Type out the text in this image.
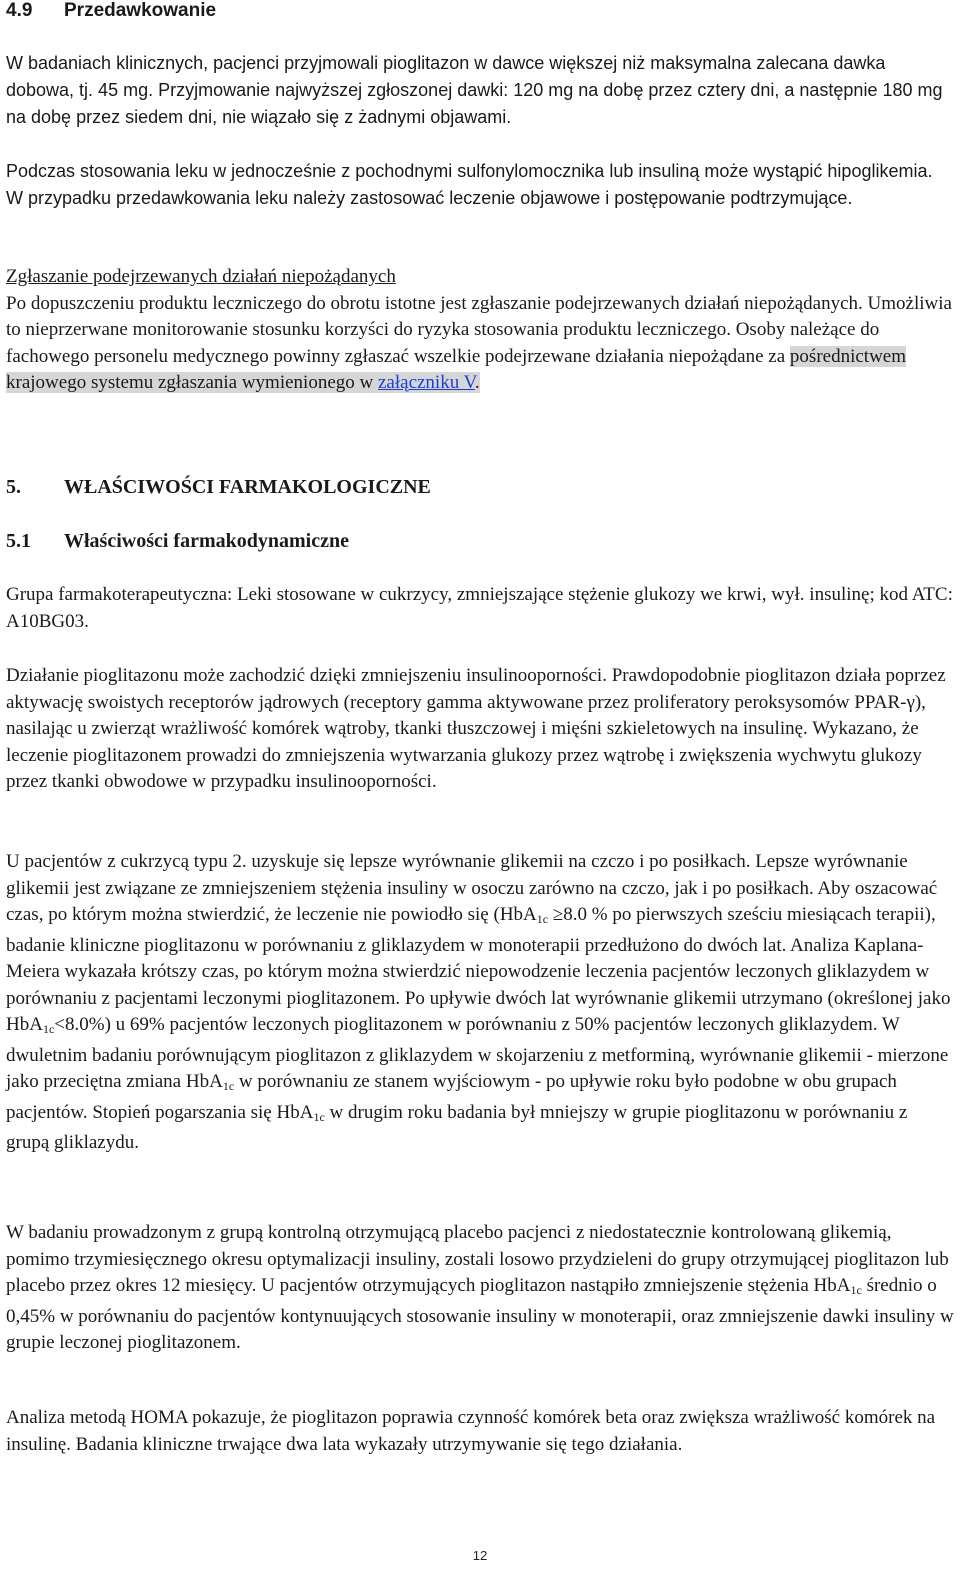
4.9 Przedawkowanie

W badaniach klinicznych, pacjenci przyjmowali pioglitazon w dawce większej niż maksymalna zalecana dawka dobowa, tj. 45 mg. Przyjmowanie najwyższej zgłoszonej dawki: 120 mg na dobę przez cztery dni, a następnie 180 mg na dobę przez siedem dni, nie wiązało się z żadnymi objawami.

Podczas stosowania leku w jednocześnie z pochodnymi sulfonylomocznika lub insuliną może wystąpić hipoglikemia. W przypadku przedawkowania leku należy zastosować leczenie objawowe i postępowanie podtrzymujące.

Zgłaszanie podejrzewanych działań niepożądanych

Po dopuszczeniu produktu leczniczego do obrotu istotne jest zgłaszanie podejrzewanych działań niepożądanych. Umożliwia to nieprzerwane monitorowanie stosunku korzyści do ryzyka stosowania produktu leczniczego. Osoby należące do fachowego personelu medycznego powinny zgłaszać wszelkie podejrzewane działania niepożądane za pośrednictwem krajowego systemu zgłaszania wymienionego w załączniku V.

5. WŁAŚCIWOŚCI FARMAKOLOGICZNE
5.1 Właściwości farmakodynamiczne

Grupa farmakoterapeutyczna: Leki stosowane w cukrzycy, zmniejszające stężenie glukozy we krwi, wył. insulinę; kod ATC: A10BG03.

Działanie pioglitazonu może zachodzić dzięki zmniejszeniu insulinooporności. Prawdopodobnie pioglitazon działa poprzez aktywację swoistych receptorów jądrowych (receptory gamma aktywowane przez proliferatory peroksysomów PPAR-γ), nasilając u zwierząt wrażliwość komórek wątroby, tkanki tłuszczowej i mięśni szkieletowych na insulinę. Wykazano, że leczenie pioglitazonem prowadzi do zmniejszenia wytwarzania glukozy przez wątrobę i zwiększenia wychwytu glukozy przez tkanki obwodowe w przypadku insulinooporności.

U pacjentów z cukrzycą typu 2. uzyskuje się lepsze wyrównanie glikemii na czczo i po posiłkach. Lepsze wyrównanie glikemii jest związane ze zmniejszeniem stężenia insuliny w osoczu zarówno na czczo, jak i po posiłkach. Aby oszacować czas, po którym można stwierdzić, że leczenie nie powiodło się (HbA$_{1c}$ ≥8.0 % po pierwszych sześciu miesiącach terapii), badanie kliniczne pioglitazonu w porównaniu z gliklazydem w monoterapii przedłużono do dwóch lat. Analiza Kaplana-Meiera wykazała krótszy czas, po którym można stwierdzić niepowodzenie leczenia pacjentów leczonych gliklazydem w porównaniu z pacjentami leczonymi pioglitazonem. Po upływie dwóch lat wyrównanie glikemii utrzymano (określonej jako HbA$_{1c}$<8.0%) u 69% pacjentów leczonych pioglitazonem w porównaniu z 50% pacjentów leczonych gliklazydem. W dwuletnim badaniu porównującym pioglitazon z gliklazydem w skojarzeniu z metforminą, wyrównanie glikemii - mierzone jako przeciętna zmiana HbA$_{1c}$ w porównaniu ze stanem wyjściowym - po upływie roku było podobne w obu grupach pacjentów. Stopień pogarszania się HbA$_{1c}$ w drugim roku badania był mniejszy w grupie pioglitazonu w porównaniu z grupą gliklazydu.

W badaniu prowadzonym z grupą kontrolną otrzymującą placebo pacjenci z niedostatecznie kontrolowaną glikemią, pomimo trzymiesięcznego okresu optymalizacji insuliny, zostali losowo przydzieleni do grupy otrzymującej pioglitazon lub placebo przez okres 12 miesięcy. U pacjentów otrzymujących pioglitazon nastąpiło zmniejszenie stężenia HbA$_{1c}$ średnio o 0,45% w porównaniu do pacjentów kontynuujących stosowanie insuliny w monoterapii, oraz zmniejszenie dawki insuliny w grupie leczonej pioglitazonem.

Analiza metodą HOMA pokazuje, że pioglitazon poprawia czynność komórek beta oraz zwiększa wrażliwość komórek na insulinę. Badania kliniczne trwające dwa lata wykazały utrzymywanie się tego działania.

12
